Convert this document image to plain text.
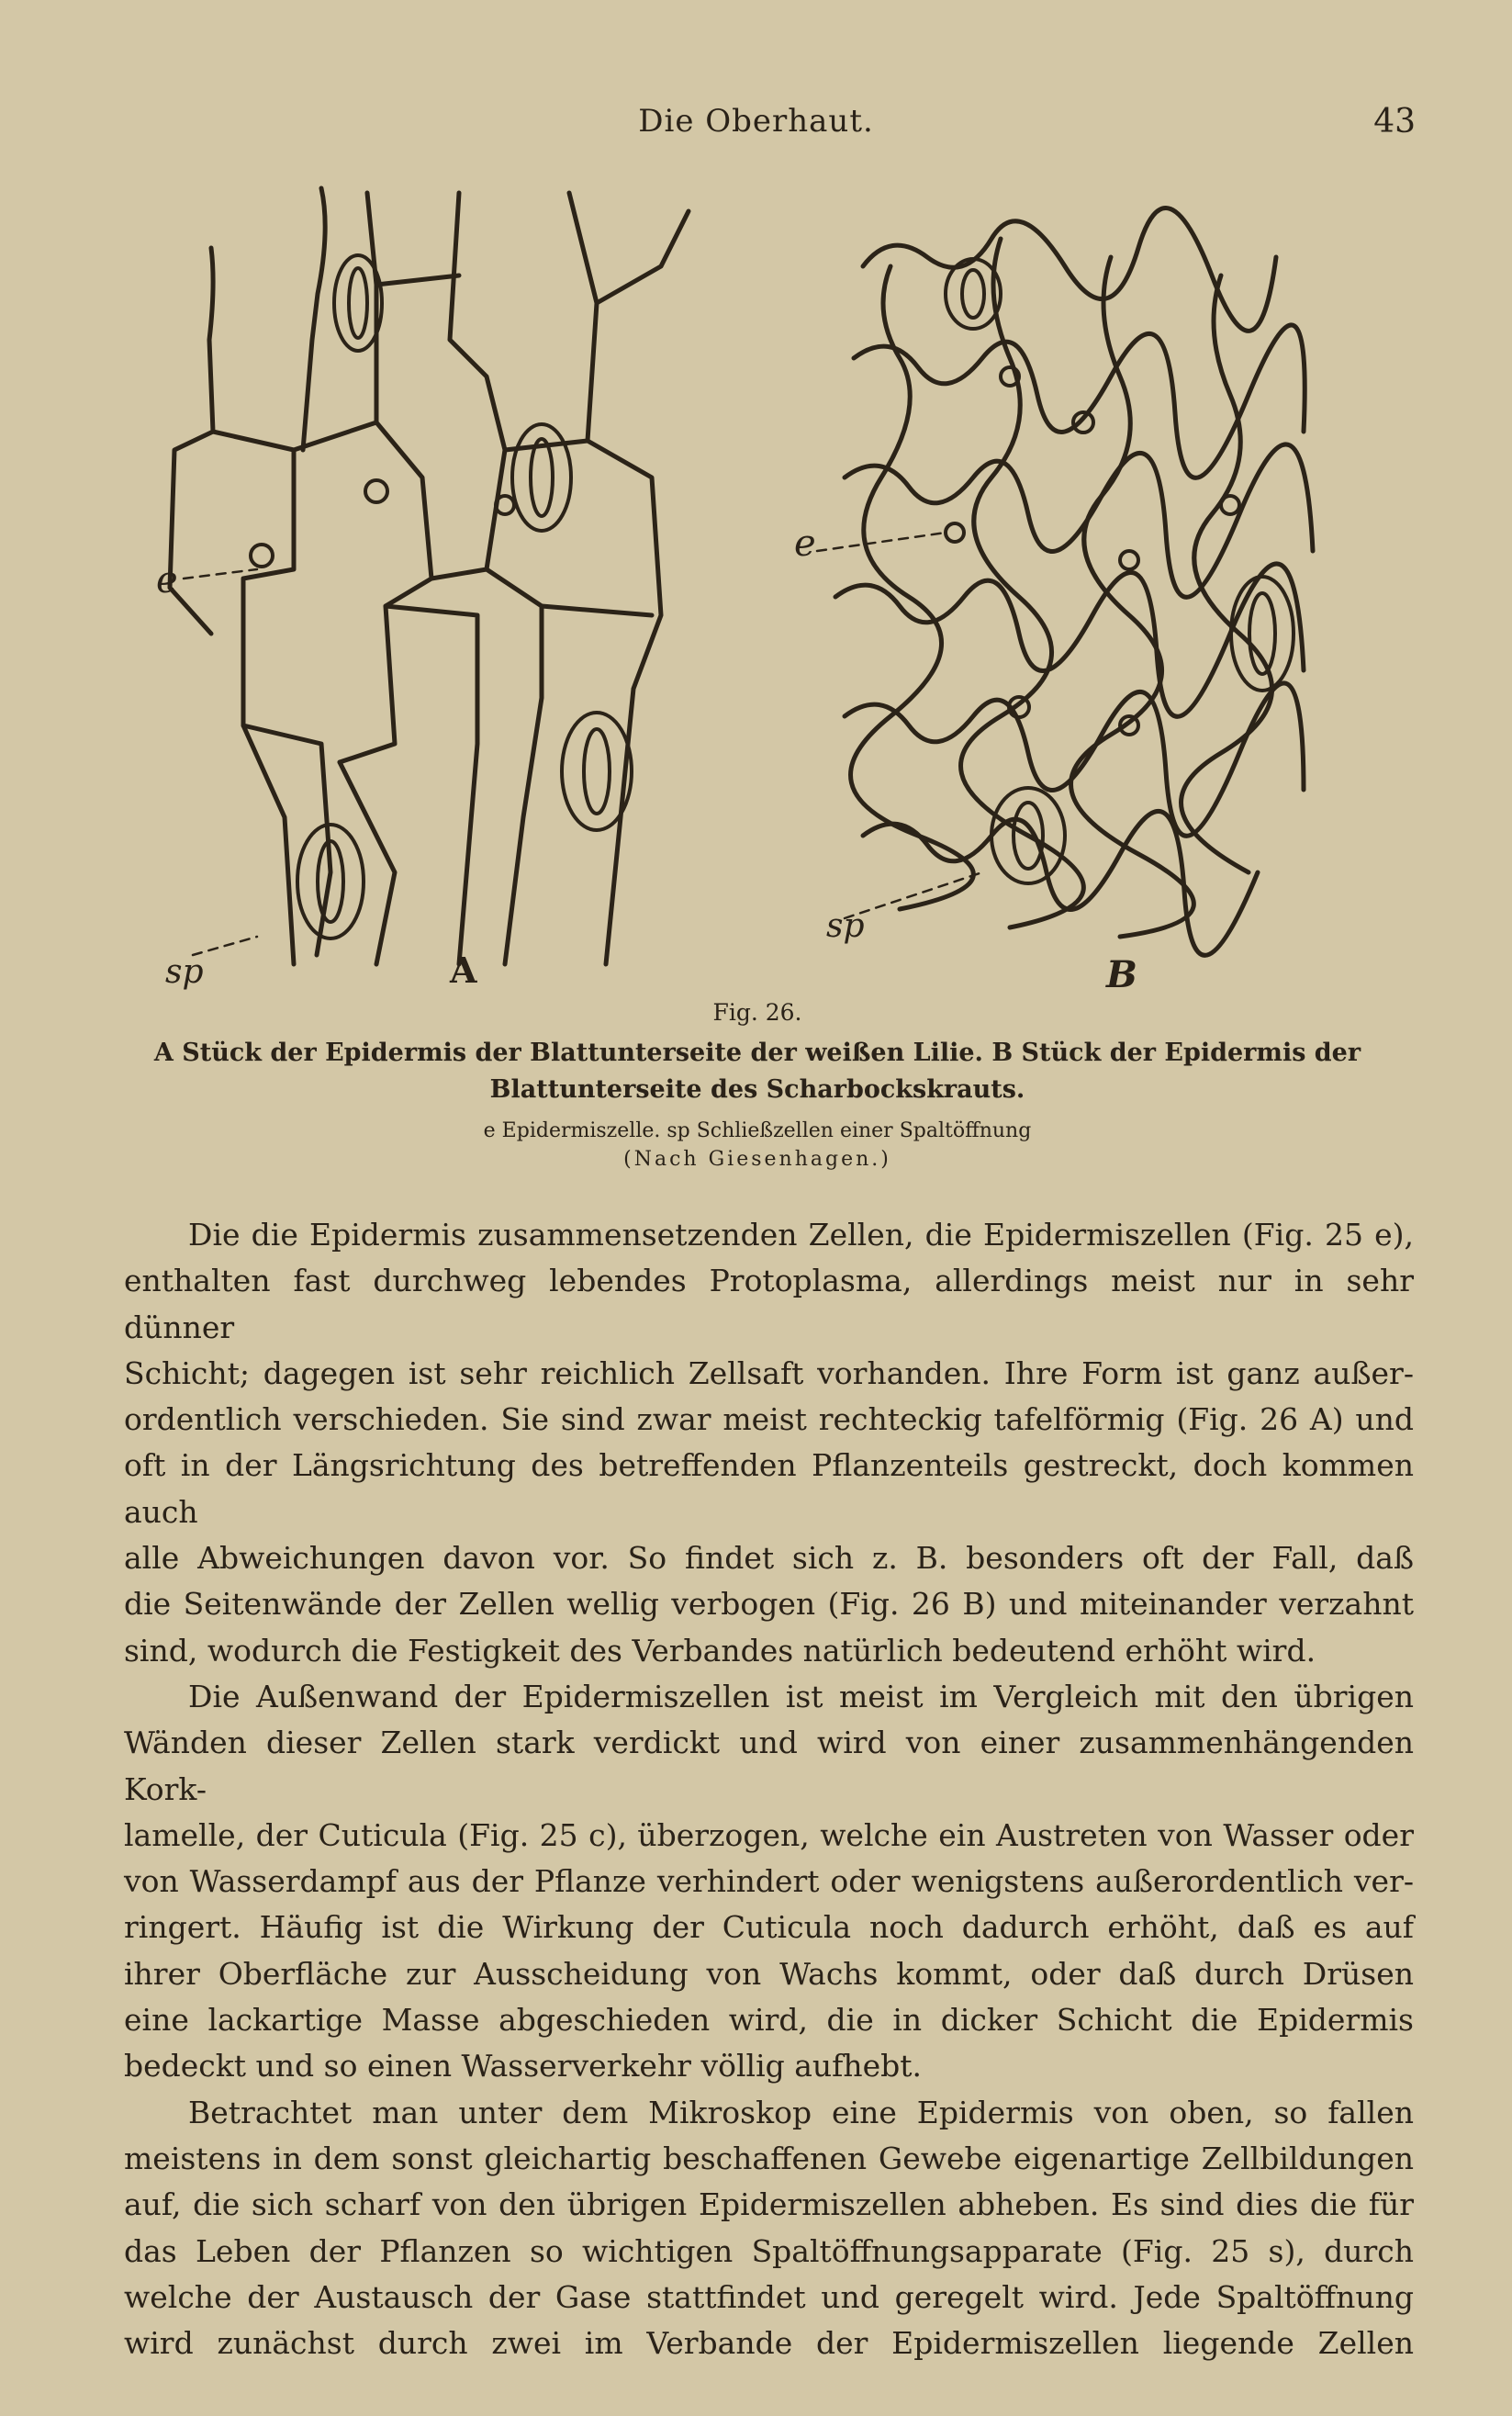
Die Oberhaut.	43
e
sp	A
e
sp
B
Fig. 26.
A Stück der Epidermis der Blattunterseite der weißen Lilie. B Stück der Epidermis der
Blattunterseite des Scharbockskrauts.
e Epidermiszelle. sp Schließzellen einer Spaltöffnung
(Nach Giesenhagen.)

Die die Epidermis zusammensetzenden Zellen, die Epidermiszellen (Fig. 25 e),
enthalten fast durchweg lebendes Protoplasma, allerdings meist nur in sehr dünner
Schicht; dagegen ist sehr reichlich Zellsaft vorhanden. Ihre Form ist ganz außer-
ordentlich verschieden. Sie sind zwar meist rechteckig tafelförmig (Fig. 26 A) und
oft in der Längsrichtung des betreffenden Pflanzenteils gestreckt, doch kommen auch
alle Abweichungen davon vor. So findet sich z. B. besonders oft der Fall, daß
die Seitenwände der Zellen wellig verbogen (Fig. 26 B) und miteinander verzahnt
sind, wodurch die Festigkeit des Verbandes natürlich bedeutend erhöht wird.

Die Außenwand der Epidermiszellen ist meist im Vergleich mit den übrigen
Wänden dieser Zellen stark verdickt und wird von einer zusammenhängenden Kork-
lamelle, der Cuticula (Fig. 25 c), überzogen, welche ein Austreten von Wasser oder
von Wasserdampf aus der Pflanze verhindert oder wenigstens außerordentlich ver-
ringert. Häufig ist die Wirkung der Cuticula noch dadurch erhöht, daß es auf
ihrer Oberfläche zur Ausscheidung von Wachs kommt, oder daß durch Drüsen
eine lackartige Masse abgeschieden wird, die in dicker Schicht die Epidermis
bedeckt und so einen Wasserverkehr völlig aufhebt.

Betrachtet man unter dem Mikroskop eine Epidermis von oben, so fallen
meistens in dem sonst gleichartig beschaffenen Gewebe eigenartige Zellbildungen
auf, die sich scharf von den übrigen Epidermiszellen abheben. Es sind dies die für
das Leben der Pflanzen so wichtigen Spaltöffnungsapparate (Fig. 25 s), durch
welche der Austausch der Gase stattfindet und geregelt wird. Jede Spaltöffnung
wird zunächst durch zwei im Verbande der Epidermiszellen liegende Zellen
